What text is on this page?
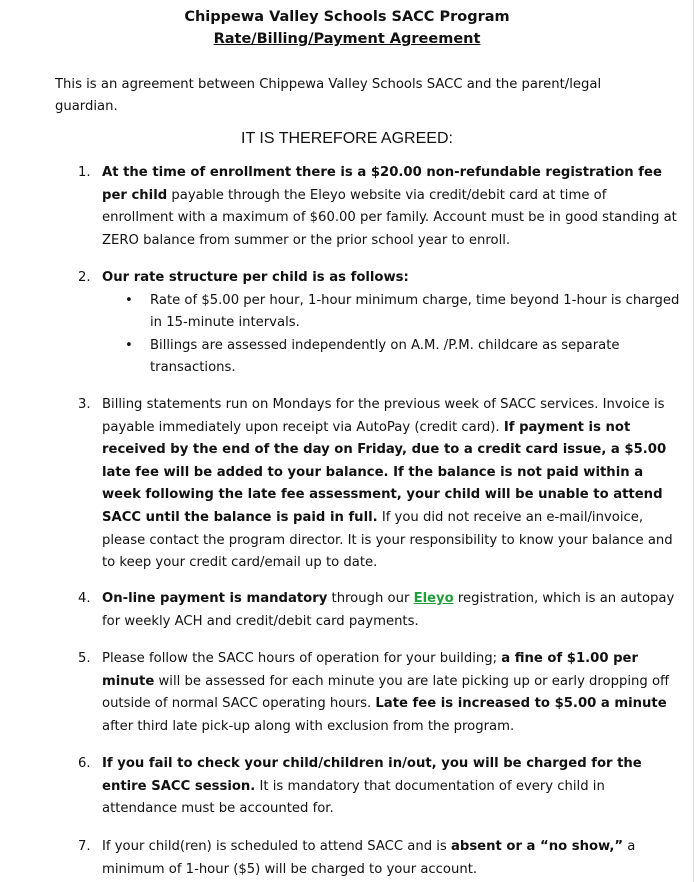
Chippewa Valley Schools SACC Program
Rate/Billing/Payment Agreement
This is an agreement between Chippewa Valley Schools SACC and the parent/legal guardian.
IT IS THEREFORE AGREED:
1. At the time of enrollment there is a $20.00 non-refundable registration fee per child payable through the Eleyo website via credit/debit card at time of enrollment with a maximum of $60.00 per family. Account must be in good standing at ZERO balance from summer or the prior school year to enroll.
2. Our rate structure per child is as follows:
• Rate of $5.00 per hour, 1-hour minimum charge, time beyond 1-hour is charged in 15-minute intervals.
• Billings are assessed independently on A.M. /P.M. childcare as separate transactions.
3. Billing statements run on Mondays for the previous week of SACC services. Invoice is payable immediately upon receipt via AutoPay (credit card). If payment is not received by the end of the day on Friday, due to a credit card issue, a $5.00 late fee will be added to your balance. If the balance is not paid within a week following the late fee assessment, your child will be unable to attend SACC until the balance is paid in full. If you did not receive an e-mail/invoice, please contact the program director. It is your responsibility to know your balance and to keep your credit card/email up to date.
4. On-line payment is mandatory through our Eleyo registration, which is an autopay for weekly ACH and credit/debit card payments.
5. Please follow the SACC hours of operation for your building; a fine of $1.00 per minute will be assessed for each minute you are late picking up or early dropping off outside of normal SACC operating hours. Late fee is increased to $5.00 a minute after third late pick-up along with exclusion from the program.
6. If you fail to check your child/children in/out, you will be charged for the entire SACC session. It is mandatory that documentation of every child in attendance must be accounted for.
7. If your child(ren) is scheduled to attend SACC and is absent or a “no show,” a minimum of 1-hour ($5) will be charged to your account.
